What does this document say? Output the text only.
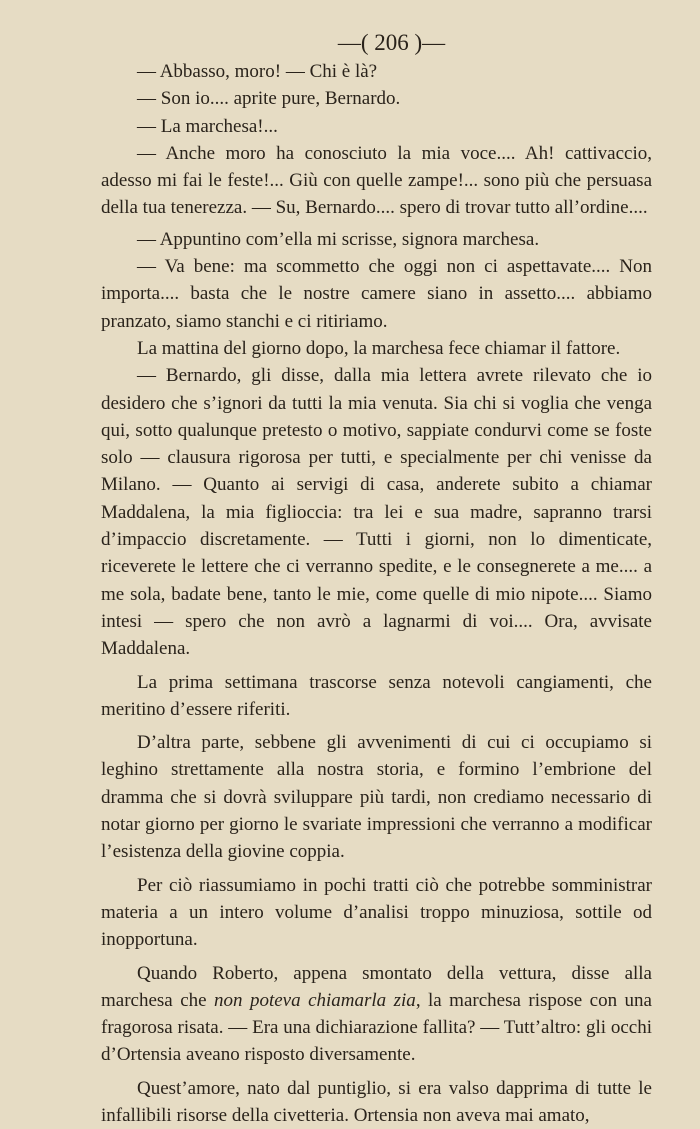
—( 206 )—

— Abbasso, moro! — Chi è là?

— Son io.... aprite pure, Bernardo.

— La marchesa!...

— Anche moro ha conosciuto la mia voce.... Ah! cattivaccio, adesso mi fai le feste!... Giù con quelle zampe!... sono più che persuasa della tua tenerezza. — Su, Bernardo.... spero di trovar tutto all’ordine....

— Appuntino com’ella mi scrisse, signora marchesa.

— Va bene: ma scommetto che oggi non ci aspettavate.... Non importa.... basta che le nostre camere siano in assetto.... abbiamo pranzato, siamo stanchi e ci ritiriamo.

La mattina del giorno dopo, la marchesa fece chiamar il fattore.

— Bernardo, gli disse, dalla mia lettera avrete rilevato che io desidero che s’ignori da tutti la mia venuta. Sia chi si voglia che venga qui, sotto qualunque pretesto o motivo, sappiate condurvi come se foste solo — clausura rigorosa per tutti, e specialmente per chi venisse da Milano. — Quanto ai servigi di casa, anderete subito a chiamar Maddalena, la mia figlioccia: tra lei e sua madre, sapranno trarsi d’impaccio discretamente. — Tutti i giorni, non lo dimenticate, riceverete le lettere che ci verranno spedite, e le consegnerete a me.... a me sola, badate bene, tanto le mie, come quelle di mio nipote.... Siamo intesi — spero che non avrò a lagnarmi di voi.... Ora, avvisate Maddalena.

La prima settimana trascorse senza notevoli cangiamenti, che meritino d’essere riferiti.

D’altra parte, sebbene gli avvenimenti di cui ci occupiamo si leghino strettamente alla nostra storia, e formino l’embrione del dramma che si dovrà sviluppare più tardi, non crediamo necessario di notar giorno per giorno le svariate impressioni che verranno a modificar l’esistenza della giovine coppia.

Per ciò riassumiamo in pochi tratti ciò che potrebbe somministrar materia a un intero volume d’analisi troppo minuziosa, sottile od inopportuna.

Quando Roberto, appena smontato della vettura, disse alla marchesa che non poteva chiamarla zia, la marchesa rispose con una fragorosa risata. — Era una dichiarazione fallita? — Tutt’altro: gli occhi d’Ortensia aveano risposto diversamente.

Quest’amore, nato dal puntiglio, si era valso dapprima di tutte le infallibili risorse della civetteria. Ortensia non aveva mai amato,
